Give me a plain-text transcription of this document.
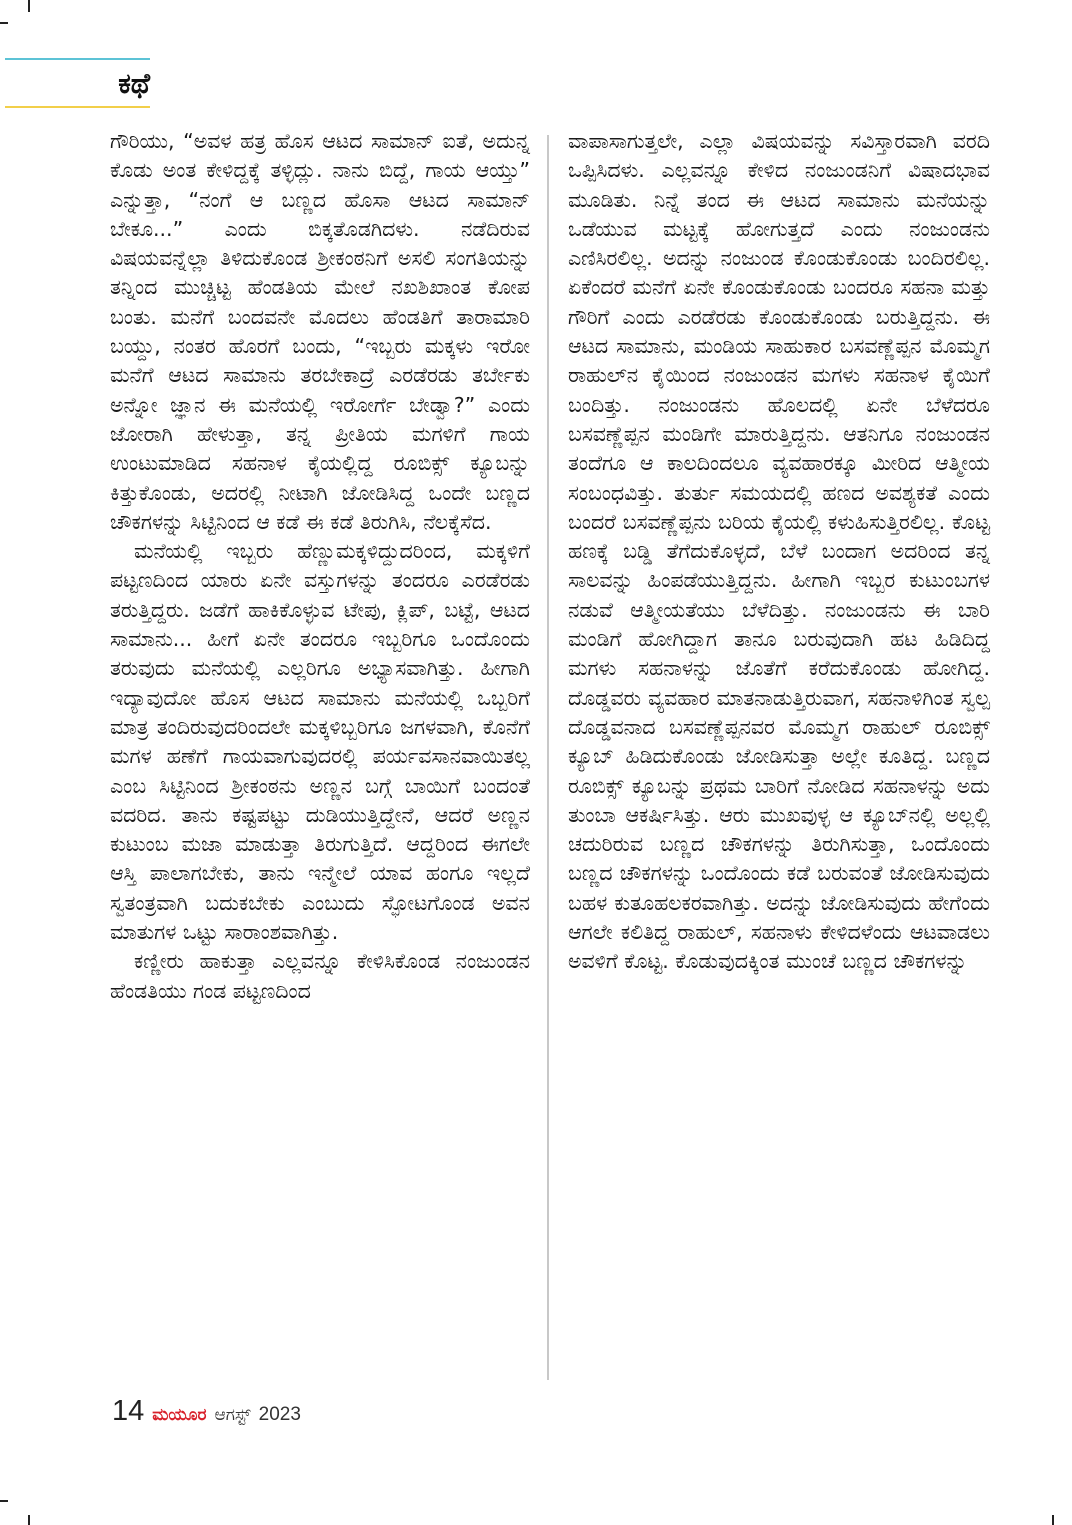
ಕಥೆ

ಗೌರಿಯು, “ಅವಳ ಹತ್ರ ಹೊಸ ಆಟದ ಸಾಮಾನ್ ಐತೆ, ಅದುನ್ನ ಕೊಡು ಅಂತ ಕೇಳಿದ್ದಕ್ಕೆ ತಳ್ಳಿದ್ಲು. ನಾನು ಬಿದ್ದೆ, ಗಾಯ ಆಯ್ತು” ಎನ್ನುತ್ತಾ, “ನಂಗೆ ಆ ಬಣ್ಣದ ಹೊಸಾ ಆಟದ ಸಾಮಾನ್ ಬೇಕೂ...” ಎಂದು ಬಿಕ್ಕತೊಡಗಿದಳು. ನಡೆದಿರುವ ವಿಷಯವನ್ನೆಲ್ಲಾ ತಿಳಿದುಕೊಂಡ ಶ್ರೀಕಂಠನಿಗೆ ಅಸಲಿ ಸಂಗತಿಯನ್ನು ತನ್ನಿಂದ ಮುಚ್ಚಿಟ್ಟ ಹೆಂಡತಿಯ ಮೇಲೆ ನಖಶಿಖಾಂತ ಕೋಪ ಬಂತು. ಮನೆಗೆ ಬಂದವನೇ ಮೊದಲು ಹೆಂಡತಿಗೆ ತಾರಾಮಾರಿ ಬಯ್ದು, ನಂತರ ಹೊರಗೆ ಬಂದು, “ಇಬ್ಬರು ಮಕ್ಕಳು ಇರೋ ಮನೆಗೆ ಆಟದ ಸಾಮಾನು ತರಬೇಕಾದ್ರೆ ಎರಡೆರಡು ತರ್ಬೇಕು ಅನ್ನೋ ಜ್ಞಾನ ಈ ಮನೆಯಲ್ಲಿ ಇರೋರ್ಗೆ ಬೇಡ್ವಾ?” ಎಂದು ಜೋರಾಗಿ ಹೇಳುತ್ತಾ, ತನ್ನ ಪ್ರೀತಿಯ ಮಗಳಿಗೆ ಗಾಯ ಉಂಟುಮಾಡಿದ ಸಹನಾಳ ಕೈಯಲ್ಲಿದ್ದ ರೂಬಿಕ್ಸ್ ಕ್ಯೂಬನ್ನು ಕಿತ್ತುಕೊಂಡು, ಅದರಲ್ಲಿ ನೀಟಾಗಿ ಜೋಡಿಸಿದ್ದ ಒಂದೇ ಬಣ್ಣದ ಚೌಕಗಳನ್ನು ಸಿಟ್ಟಿನಿಂದ ಆ ಕಡೆ ಈ ಕಡೆ ತಿರುಗಿಸಿ, ನೆಲಕ್ಕೆಸೆದ.

ಮನೆಯಲ್ಲಿ ಇಬ್ಬರು ಹೆಣ್ಣುಮಕ್ಕಳಿದ್ದುದರಿಂದ, ಮಕ್ಕಳಿಗೆ ಪಟ್ಟಣದಿಂದ ಯಾರು ಏನೇ ವಸ್ತುಗಳನ್ನು ತಂದರೂ ಎರಡೆರಡು ತರುತ್ತಿದ್ದರು. ಜಡೆಗೆ ಹಾಕಿಕೊಳ್ಳುವ ಟೇಪು, ಕ್ಲಿಪ್, ಬಟ್ಟೆ, ಆಟದ ಸಾಮಾನು... ಹೀಗೆ ಏನೇ ತಂದರೂ ಇಬ್ಬರಿಗೂ ಒಂದೊಂದು ತರುವುದು ಮನೆಯಲ್ಲಿ ಎಲ್ಲರಿಗೂ ಅಭ್ಯಾಸವಾಗಿತ್ತು. ಹೀಗಾಗಿ ಇದ್ಯಾವುದೋ ಹೊಸ ಆಟದ ಸಾಮಾನು ಮನೆಯಲ್ಲಿ ಒಬ್ಬರಿಗೆ ಮಾತ್ರ ತಂದಿರುವುದರಿಂದಲೇ ಮಕ್ಕಳಿಬ್ಬರಿಗೂ ಜಗಳವಾಗಿ, ಕೊನೆಗೆ ಮಗಳ ಹಣೆಗೆ ಗಾಯವಾಗುವುದರಲ್ಲಿ ಪರ್ಯವಸಾನವಾಯಿತಲ್ಲ ಎಂಬ ಸಿಟ್ಟಿನಿಂದ ಶ್ರೀಕಂಠನು ಅಣ್ಣನ ಬಗ್ಗೆ ಬಾಯಿಗೆ ಬಂದಂತೆ ವದರಿದ. ತಾನು ಕಷ್ಟಪಟ್ಟು ದುಡಿಯುತ್ತಿದ್ದೇನೆ, ಆದರೆ ಅಣ್ಣನ ಕುಟುಂಬ ಮಜಾ ಮಾಡುತ್ತಾ ತಿರುಗುತ್ತಿದೆ. ಆದ್ದರಿಂದ ಈಗಲೇ ಆಸ್ತಿ ಪಾಲಾಗಬೇಕು, ತಾನು ಇನ್ಮೇಲೆ ಯಾವ ಹಂಗೂ ಇಲ್ಲದೆ ಸ್ವತಂತ್ರವಾಗಿ ಬದುಕಬೇಕು ಎಂಬುದು ಸ್ಫೋಟಗೊಂಡ ಅವನ ಮಾತುಗಳ ಒಟ್ಟು ಸಾರಾಂಶವಾಗಿತ್ತು.

ಕಣ್ಣೀರು ಹಾಕುತ್ತಾ ಎಲ್ಲವನ್ನೂ ಕೇಳಿಸಿಕೊಂಡ ನಂಜುಂಡನ ಹೆಂಡತಿಯು ಗಂಡ ಪಟ್ಟಣದಿಂದ

ವಾಪಾಸಾಗುತ್ತಲೇ, ಎಲ್ಲಾ ವಿಷಯವನ್ನು ಸವಿಸ್ತಾರವಾಗಿ ವರದಿ ಒಪ್ಪಿಸಿದಳು. ಎಲ್ಲವನ್ನೂ ಕೇಳಿದ ನಂಜುಂಡನಿಗೆ ವಿಷಾದಭಾವ ಮೂಡಿತು. ನಿನ್ನೆ ತಂದ ಈ ಆಟದ ಸಾಮಾನು ಮನೆಯನ್ನು ಒಡೆಯುವ ಮಟ್ಟಕ್ಕೆ ಹೋಗುತ್ತದೆ ಎಂದು ನಂಜುಂಡನು ಎಣಿಸಿರಲಿಲ್ಲ. ಅದನ್ನು ನಂಜುಂಡ ಕೊಂಡುಕೊಂಡು ಬಂದಿರಲಿಲ್ಲ. ಏಕೆಂದರೆ ಮನೆಗೆ ಏನೇ ಕೊಂಡುಕೊಂಡು ಬಂದರೂ ಸಹನಾ ಮತ್ತು ಗೌರಿಗೆ ಎಂದು ಎರಡೆರಡು ಕೊಂಡುಕೊಂಡು ಬರುತ್ತಿದ್ದನು. ಈ ಆಟದ ಸಾಮಾನು, ಮಂಡಿಯ ಸಾಹುಕಾರ ಬಸವಣ್ಣೆಪ್ಪನ ಮೊಮ್ಮಗ ರಾಹುಲ್‌ನ ಕೈಯಿಂದ ನಂಜುಂಡನ ಮಗಳು ಸಹನಾಳ ಕೈಯಿಗೆ ಬಂದಿತ್ತು. ನಂಜುಂಡನು ಹೊಲದಲ್ಲಿ ಏನೇ ಬೆಳೆದರೂ ಬಸವಣ್ಣೆಪ್ಪನ ಮಂಡಿಗೇ ಮಾರುತ್ತಿದ್ದನು. ಆತನಿಗೂ ನಂಜುಂಡನ ತಂದೆಗೂ ಆ ಕಾಲದಿಂದಲೂ ವ್ಯವಹಾರಕ್ಕೂ ಮೀರಿದ ಆತ್ಮೀಯ ಸಂಬಂಧವಿತ್ತು. ತುರ್ತು ಸಮಯದಲ್ಲಿ ಹಣದ ಅವಶ್ಯಕತೆ ಎಂದು ಬಂದರೆ ಬಸವಣ್ಣೆಪ್ಪನು ಬರಿಯ ಕೈಯಲ್ಲಿ ಕಳುಹಿಸುತ್ತಿರಲಿಲ್ಲ. ಕೊಟ್ಟ ಹಣಕ್ಕೆ ಬಡ್ಡಿ ತೆಗೆದುಕೊಳ್ಳದೆ, ಬೆಳೆ ಬಂದಾಗ ಅದರಿಂದ ತನ್ನ ಸಾಲವನ್ನು ಹಿಂಪಡೆಯುತ್ತಿದ್ದನು. ಹೀಗಾಗಿ ಇಬ್ಬರ ಕುಟುಂಬಗಳ ನಡುವೆ ಆತ್ಮೀಯತೆಯು ಬೆಳೆದಿತ್ತು. ನಂಜುಂಡನು ಈ ಬಾರಿ ಮಂಡಿಗೆ ಹೋಗಿದ್ದಾಗ ತಾನೂ ಬರುವುದಾಗಿ ಹಟ ಹಿಡಿದಿದ್ದ ಮಗಳು ಸಹನಾಳನ್ನು ಜೊತೆಗೆ ಕರೆದುಕೊಂಡು ಹೋಗಿದ್ದ. ದೊಡ್ಡವರು ವ್ಯವಹಾರ ಮಾತನಾಡುತ್ತಿರುವಾಗ, ಸಹನಾಳಿಗಿಂತ ಸ್ವಲ್ಪ ದೊಡ್ಡವನಾದ ಬಸವಣ್ಣೆಪ್ಪನವರ ಮೊಮ್ಮಗ ರಾಹುಲ್ ರೂಬಿಕ್ಸ್ ಕ್ಯೂಬ್ ಹಿಡಿದುಕೊಂಡು ಜೋಡಿಸುತ್ತಾ ಅಲ್ಲೇ ಕೂತಿದ್ದ. ಬಣ್ಣದ ರೂಬಿಕ್ಸ್ ಕ್ಯೂಬನ್ನು ಪ್ರಥಮ ಬಾರಿಗೆ ನೋಡಿದ ಸಹನಾಳನ್ನು ಅದು ತುಂಬಾ ಆಕರ್ಷಿಸಿತ್ತು. ಆರು ಮುಖವುಳ್ಳ ಆ ಕ್ಯೂಬ್‌ನಲ್ಲಿ ಅಲ್ಲಲ್ಲಿ ಚದುರಿರುವ ಬಣ್ಣದ ಚೌಕಗಳನ್ನು ತಿರುಗಿಸುತ್ತಾ, ಒಂದೊಂದು ಬಣ್ಣದ ಚೌಕಗಳನ್ನು ಒಂದೊಂದು ಕಡೆ ಬರುವಂತೆ ಜೋಡಿಸುವುದು ಬಹಳ ಕುತೂಹಲಕರವಾಗಿತ್ತು. ಅದನ್ನು ಜೋಡಿಸುವುದು ಹೇಗೆಂದು ಆಗಲೇ ಕಲಿತಿದ್ದ ರಾಹುಲ್, ಸಹನಾಳು ಕೇಳಿದಳೆಂದು ಆಟವಾಡಲು ಅವಳಿಗೆ ಕೊಟ್ಟ. ಕೊಡುವುದಕ್ಕಿಂತ ಮುಂಚೆ ಬಣ್ಣದ ಚೌಕಗಳನ್ನು

14 ಮಯೂರ ಆಗಸ್ಟ್ 2023
